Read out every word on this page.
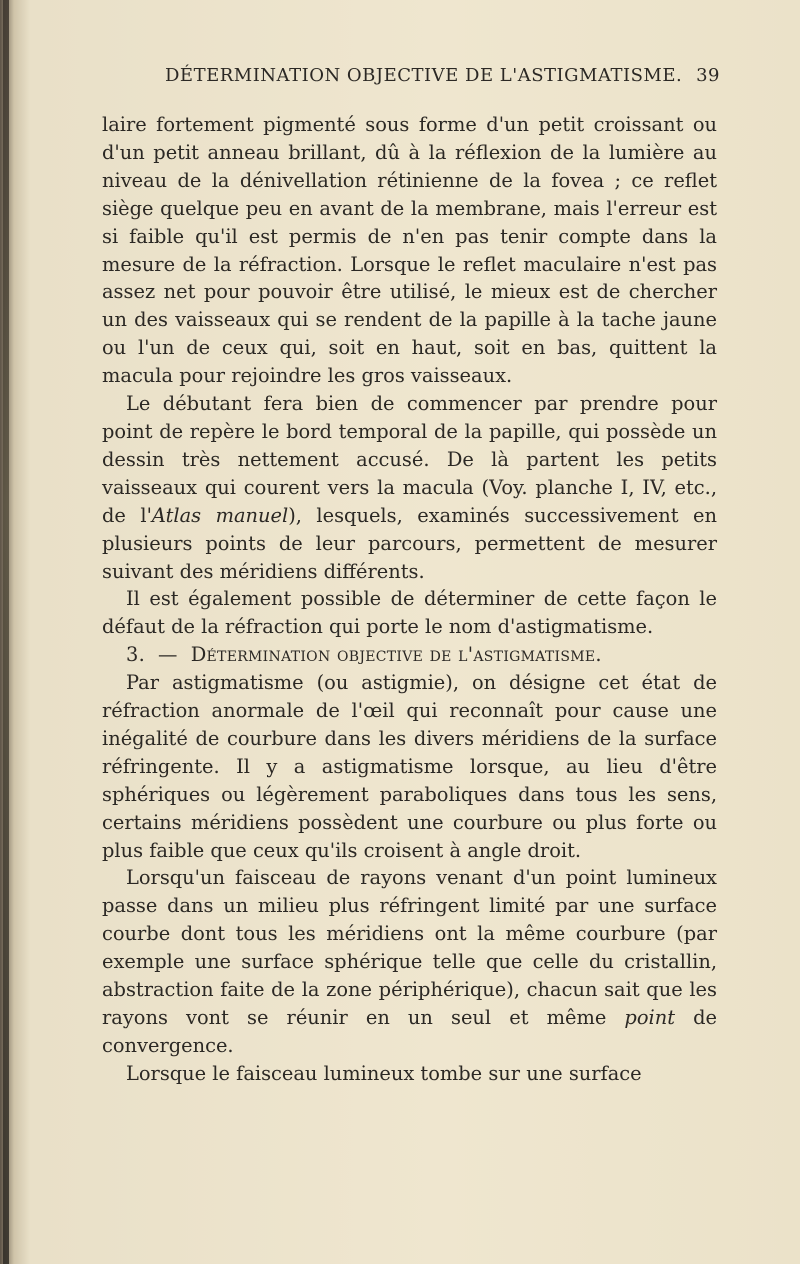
DÉTERMINATION OBJECTIVE DE L'ASTIGMATISME. 39

laire fortement pigmenté sous forme d'un petit croissant ou d'un petit anneau brillant, dû à la réflexion de la lumière au niveau de la dénivellation rétinienne de la fovea ; ce reflet siège quelque peu en avant de la membrane, mais l'erreur est si faible qu'il est permis de n'en pas tenir compte dans la mesure de la réfraction. Lorsque le reflet maculaire n'est pas assez net pour pouvoir être utilisé, le mieux est de chercher un des vaisseaux qui se rendent de la papille à la tache jaune ou l'un de ceux qui, soit en haut, soit en bas, quittent la macula pour rejoindre les gros vaisseaux.

Le débutant fera bien de commencer par prendre pour point de repère le bord temporal de la papille, qui possède un dessin très nettement accusé. De là partent les petits vaisseaux qui courent vers la macula (Voy. planche I, IV, etc., de l'Atlas manuel), lesquels, examinés successivement en plusieurs points de leur parcours, permettent de mesurer suivant des méridiens différents.

Il est également possible de déterminer de cette façon le défaut de la réfraction qui porte le nom d'astigmatisme.

3. — Détermination objective de l'astigmatisme.

Par astigmatisme (ou astigmie), on désigne cet état de réfraction anormale de l'œil qui reconnaît pour cause une inégalité de courbure dans les divers méridiens de la surface réfringente. Il y a astigmatisme lorsque, au lieu d'être sphériques ou légèrement paraboliques dans tous les sens, certains méridiens possèdent une courbure ou plus forte ou plus faible que ceux qu'ils croisent à angle droit.

Lorsqu'un faisceau de rayons venant d'un point lumineux passe dans un milieu plus réfringent limité par une surface courbe dont tous les méridiens ont la même courbure (par exemple une surface sphérique telle que celle du cristallin, abstraction faite de la zone périphérique), chacun sait que les rayons vont se réunir en un seul et même point de convergence.

Lorsque le faisceau lumineux tombe sur une surface
